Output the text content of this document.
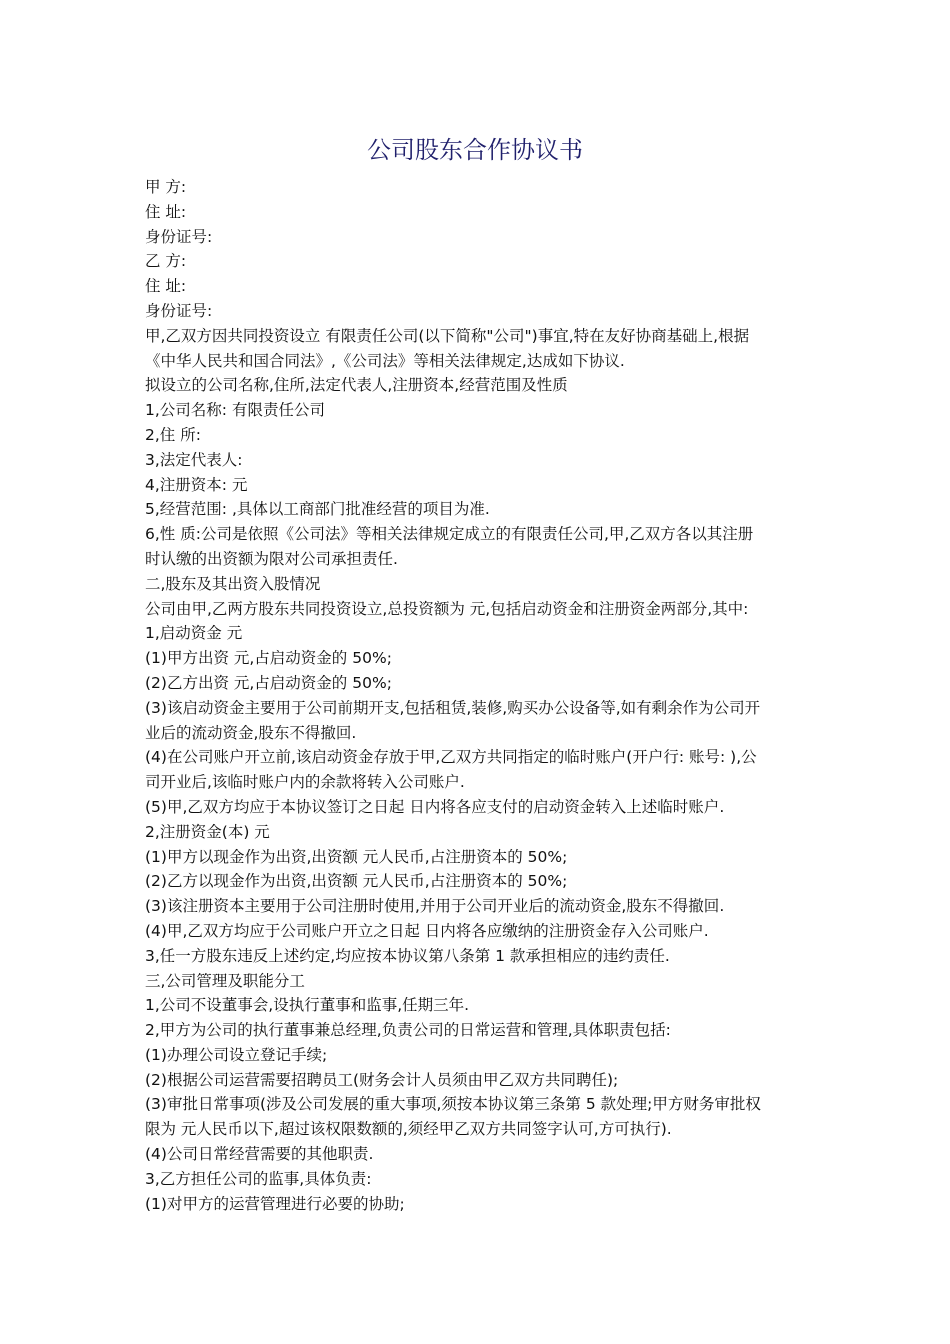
公司股东合作协议书
甲 方:
住 址:
身份证号:
乙 方:
住 址:
身份证号:
甲,乙双方因共同投资设立 有限责任公司(以下简称"公司")事宜,特在友好协商基础上,根据
《中华人民共和国合同法》,《公司法》等相关法律规定,达成如下协议.
拟设立的公司名称,住所,法定代表人,注册资本,经营范围及性质
1,公司名称: 有限责任公司
2,住 所:
3,法定代表人:
4,注册资本: 元
5,经营范围: ,具体以工商部门批准经营的项目为准.
6,性 质:公司是依照《公司法》等相关法律规定成立的有限责任公司,甲,乙双方各以其注册
时认缴的出资额为限对公司承担责任.
二,股东及其出资入股情况
公司由甲,乙两方股东共同投资设立,总投资额为 元,包括启动资金和注册资金两部分,其中:
1,启动资金 元
(1)甲方出资 元,占启动资金的 50%;
(2)乙方出资 元,占启动资金的 50%;
(3)该启动资金主要用于公司前期开支,包括租赁,装修,购买办公设备等,如有剩余作为公司开
业后的流动资金,股东不得撤回.
(4)在公司账户开立前,该启动资金存放于甲,乙双方共同指定的临时账户(开户行: 账号: ),公
司开业后,该临时账户内的余款将转入公司账户.
(5)甲,乙双方均应于本协议签订之日起 日内将各应支付的启动资金转入上述临时账户.
2,注册资金(本) 元
(1)甲方以现金作为出资,出资额 元人民币,占注册资本的 50%;
(2)乙方以现金作为出资,出资额 元人民币,占注册资本的 50%;
(3)该注册资本主要用于公司注册时使用,并用于公司开业后的流动资金,股东不得撤回.
(4)甲,乙双方均应于公司账户开立之日起 日内将各应缴纳的注册资金存入公司账户.
3,任一方股东违反上述约定,均应按本协议第八条第 1 款承担相应的违约责任.
三,公司管理及职能分工
1,公司不设董事会,设执行董事和监事,任期三年.
2,甲方为公司的执行董事兼总经理,负责公司的日常运营和管理,具体职责包括:
(1)办理公司设立登记手续;
(2)根据公司运营需要招聘员工(财务会计人员须由甲乙双方共同聘任);
(3)审批日常事项(涉及公司发展的重大事项,须按本协议第三条第 5 款处理;甲方财务审批权
限为 元人民币以下,超过该权限数额的,须经甲乙双方共同签字认可,方可执行).
(4)公司日常经营需要的其他职责.
3,乙方担任公司的监事,具体负责:
(1)对甲方的运营管理进行必要的协助;
